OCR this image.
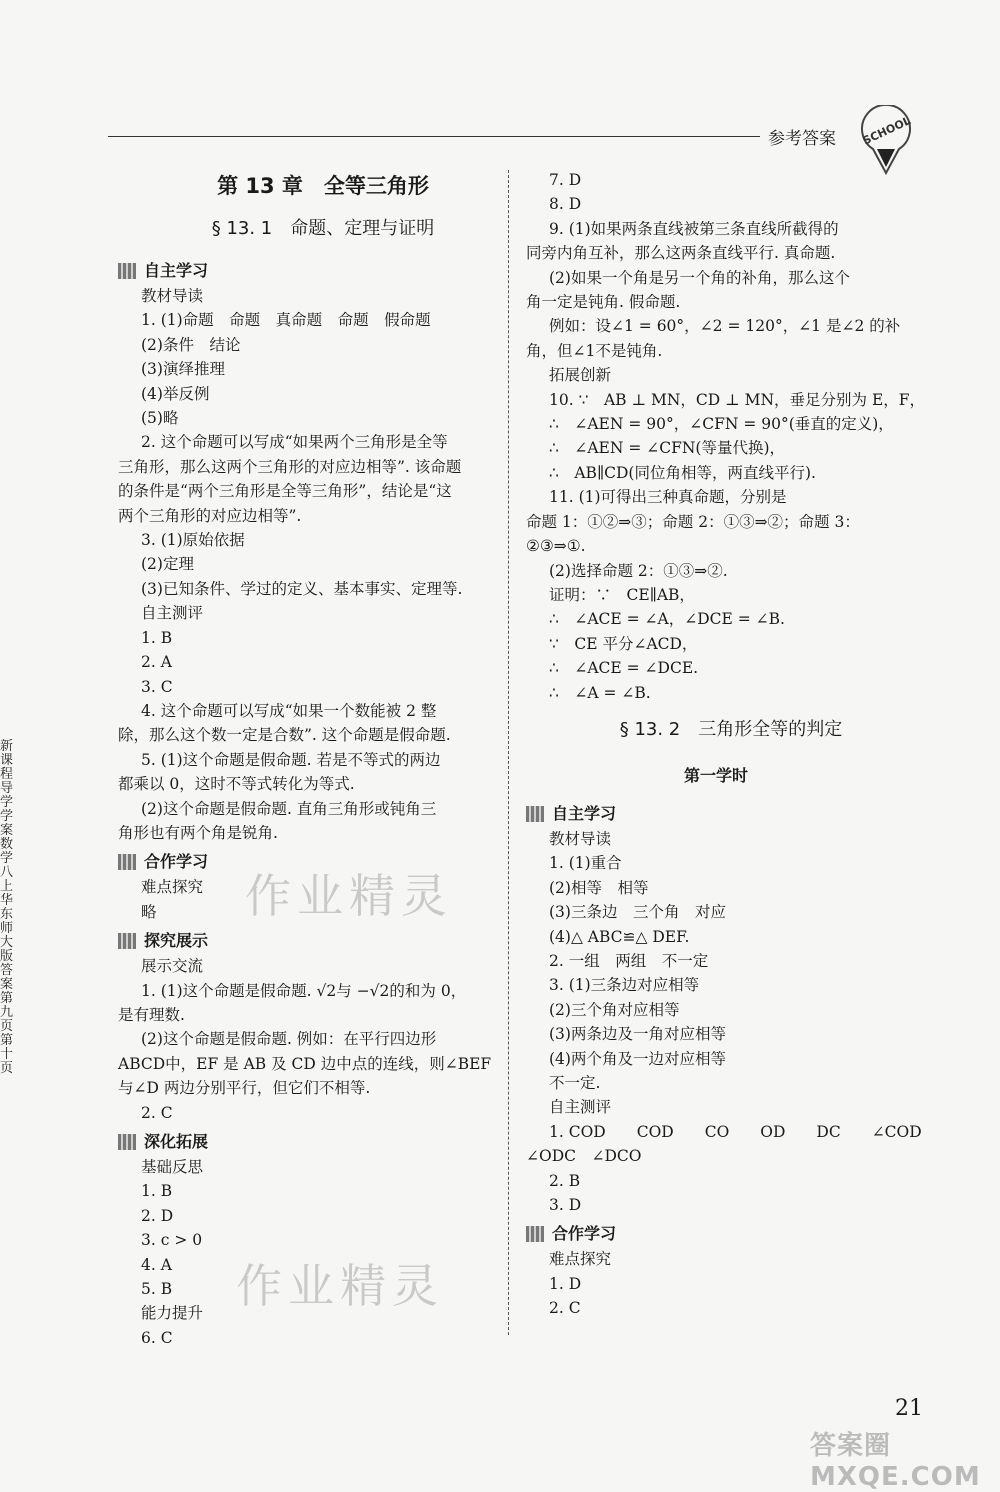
参考答案 SCHOOL
作业精灵
作业精灵
新课程导学学案数学八上华东师大版答案第九页第十页
第 13 章　全等三角形
§ 13. 1　命题、定理与证明
自主学习
教材导读
1. (1)命题　命题　真命题　命题　假命题
(2)条件　结论
(3)演绎推理
(4)举反例
(5)略
2. 这个命题可以写成“如果两个三角形是全等
三角形，那么这两个三角形的对应边相等”. 该命题
的条件是“两个三角形是全等三角形”，结论是“这
两个三角形的对应边相等”.
3. (1)原始依据
(2)定理
(3)已知条件、学过的定义、基本事实、定理等.
自主测评
1. B
2. A
3. C
4. 这个命题可以写成“如果一个数能被 2 整
除，那么这个数一定是合数”. 这个命题是假命题.
5. (1)这个命题是假命题. 若是不等式的两边
都乘以 0，这时不等式转化为等式.
(2)这个命题是假命题. 直角三角形或钝角三
角形也有两个角是锐角.
合作学习
难点探究
略
探究展示
展示交流
1. (1)这个命题是假命题. √2与 −√2的和为 0，
是有理数.
(2)这个命题是假命题. 例如：在平行四边形
ABCD中，EF 是 AB 及 CD 边中点的连线，则∠BEF
与∠D 两边分别平行，但它们不相等.
2. C
深化拓展
基础反思
1. B
2. D
3. c > 0
4. A
5. B
能力提升
6. C
7. D
8. D
9. (1)如果两条直线被第三条直线所截得的
同旁内角互补，那么这两条直线平行. 真命题.
(2)如果一个角是另一个角的补角，那么这个
角一定是钝角. 假命题.
例如：设∠1 = 60°，∠2 = 120°，∠1 是∠2 的补
角，但∠1不是钝角.
拓展创新
10. ∵　AB ⊥ MN，CD ⊥ MN，垂足分别为 E，F，
∴　∠AEN = 90°，∠CFN = 90°(垂直的定义)，
∴　∠AEN = ∠CFN(等量代换)，
∴　AB∥CD(同位角相等，两直线平行).
11. (1)可得出三种真命题，分别是
命题 1：①②⇒③；命题 2：①③⇒②；命题 3：
②③⇒①.
(2)选择命题 2：①③⇒②.
证明：∵　CE∥AB，
∴　∠ACE = ∠A，∠DCE = ∠B.
∵　CE 平分∠ACD，
∴　∠ACE = ∠DCE.
∴　∠A = ∠B.
§ 13. 2　三角形全等的判定
第一学时
自主学习
教材导读
1. (1)重合
(2)相等　相等
(3)三条边　三个角　对应
(4)△ ABC≌△ DEF.
2. 一组　两组　不一定
3. (1)三条边对应相等
(2)三个角对应相等
(3)两条边及一角对应相等
(4)两个角及一边对应相等
不一定.
自主测评
1. COD　　COD　　CO　　OD　　DC　　∠COD
∠ODC　∠DCO
2. B
3. D
合作学习
难点探究
1. D
2. C
21
答案圈 MXQE.COM
